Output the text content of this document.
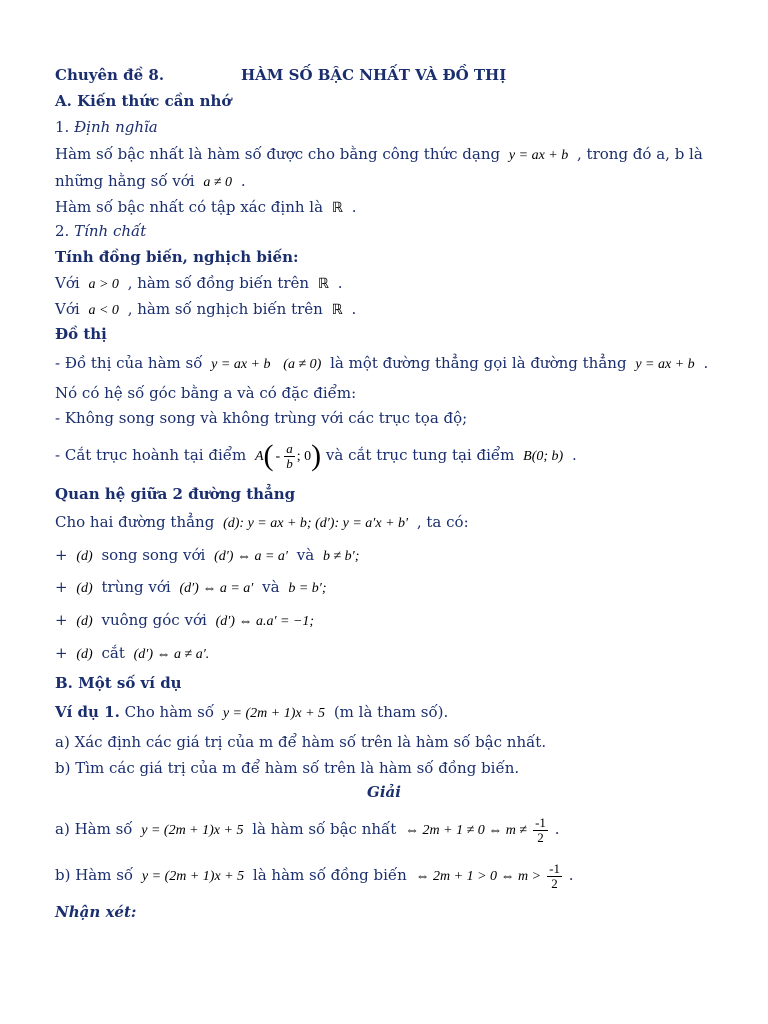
Chuyên đề 8.	HÀM SỐ BẬC NHẤT VÀ ĐỒ THỊ
A. Kiến thức cần nhớ
1. Định nghĩa
Hàm số bậc nhất là hàm số được cho bằng công thức dạng y = ax + b , trong đó a, b là
những hằng số với a ≠ 0 .
Hàm số bậc nhất có tập xác định là ℝ .
2. Tính chất
Tính đồng biến, nghịch biến:
Với a > 0 , hàm số đồng biến trên ℝ .
Với a < 0 , hàm số nghịch biến trên ℝ .
Đồ thị
- Đồ thị của hàm số y = ax + b (a ≠ 0) là một đường thẳng gọi là đường thẳng y = ax + b .
Nó có hệ số góc bằng a và có đặc điểm:
- Không song song và không trùng với các trục tọa độ;
- Cắt trục hoành tại điểm $A( - \frac{a}{b}$ ; 0) và cắt trục tung tại điểm B(0; b) .
Quan hệ giữa 2 đường thẳng
Cho hai đường thẳng (d): y = ax + b; (d′): y = a′x + b′ , ta có:
+ (d) song song với (d′) ⇔ a = a′ và b ≠ b′;
+ (d) trùng với (d′) ⇔ a = a′ và b = b′;
+ (d) vuông góc với (d′) ⇔ a.a′ = −1;
+ (d) cắt (d′) ⇔ a ≠ a′.
B. Một số ví dụ
Ví dụ 1. Cho hàm số y = (2m + 1)x + 5 (m là tham số).
a) Xác định các giá trị của m để hàm số trên là hàm số bậc nhất.
b) Tìm các giá trị của m để hàm số trên là hàm số đồng biến.
Giải
a) Hàm số y = (2m + 1)x + 5 là hàm số bậc nhất ⇔ 2m + 1 ≠ 0 ⇔ $m \ne \frac{-1}{2}$ .
b) Hàm số y = (2m + 1)x + 5 là hàm số đồng biến ⇔ 2m + 1 > 0 ⇔ $m > \frac{-1}{2}$ .
Nhận xét:
